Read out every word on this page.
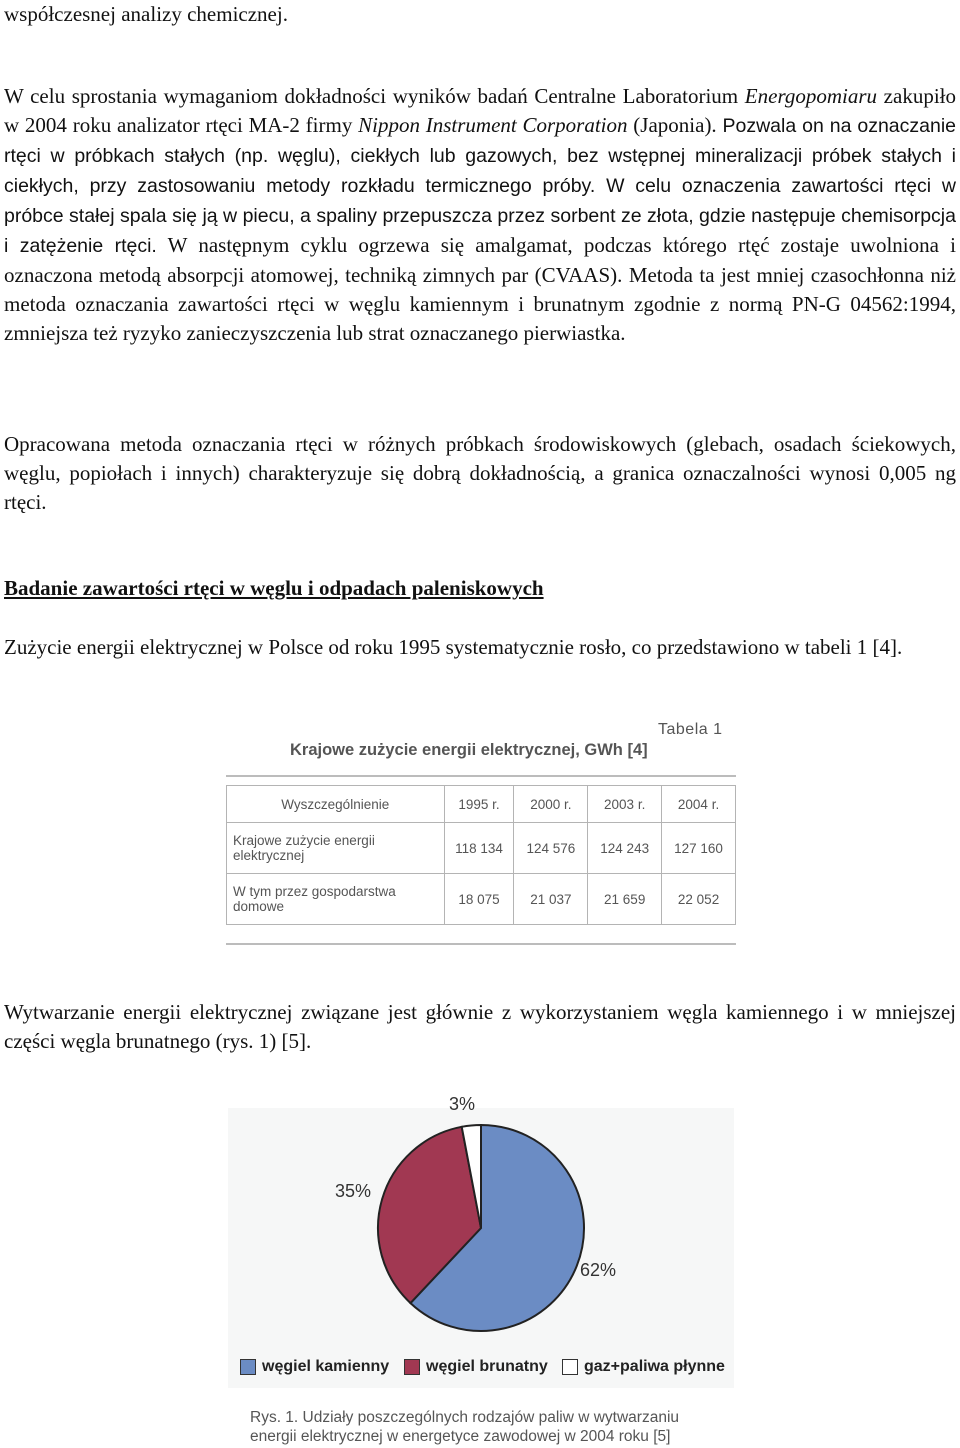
współczesnej analizy chemicznej.
W celu sprostania wymaganiom dokładności wyników badań Centralne Laboratorium Energopomiaru zakupiło w 2004 roku analizator rtęci MA-2 firmy Nippon Instrument Corporation (Japonia). Pozwala on na oznaczanie rtęci w próbkach stałych (np. węglu), ciekłych lub gazowych, bez wstępnej mineralizacji próbek stałych i ciekłych, przy zastosowaniu metody rozkładu termicznego próby. W celu oznaczenia zawartości rtęci w próbce stałej spala się ją w piecu, a spaliny przepuszcza przez sorbent ze złota, gdzie następuje chemisorpcja i zatężenie rtęci. W następnym cyklu ogrzewa się amalgamat, podczas którego rtęć zostaje uwolniona i oznaczona metodą absorpcji atomowej, techniką zimnych par (CVAAS). Metoda ta jest mniej czasochłonna niż metoda oznaczania zawartości rtęci w węglu kamiennym i brunatnym zgodnie z normą PN-G 04562:1994, zmniejsza też ryzyko zanieczyszczenia lub strat oznaczanego pierwiastka.
Opracowana metoda oznaczania rtęci w różnych próbkach środowiskowych (glebach, osadach ściekowych, węglu, popiołach i innych) charakteryzuje się dobrą dokładnością, a granica oznaczalności wynosi 0,005 ng rtęci.
Badanie zawartości rtęci w węglu i odpadach paleniskowych
Zużycie energii elektrycznej w Polsce od roku 1995 systematycznie rosło, co przedstawiono w tabeli 1 [4].
Tabela 1
Krajowe zużycie energii elektrycznej, GWh [4]
Wyszczególnienie	1995 r.	2000 r.	2003 r.	2004 r.
Krajowe zużycie energii elektrycznej	118 134	124 576	124 243	127 160
W tym przez gospodarstwa domowe	18 075	21 037	21 659	22 052
Wytwarzanie energii elektrycznej związane jest głównie z wykorzystaniem węgla kamiennego i w mniejszej części węgla brunatnego (rys. 1) [5].
62%
35%
3%
węgiel kamienny węgiel brunatny gaz+paliwa płynne
Rys. 1. Udziały poszczególnych rodzajów paliw w wytwarzaniu energii elektrycznej w energetyce zawodowej w 2004 roku [5]
